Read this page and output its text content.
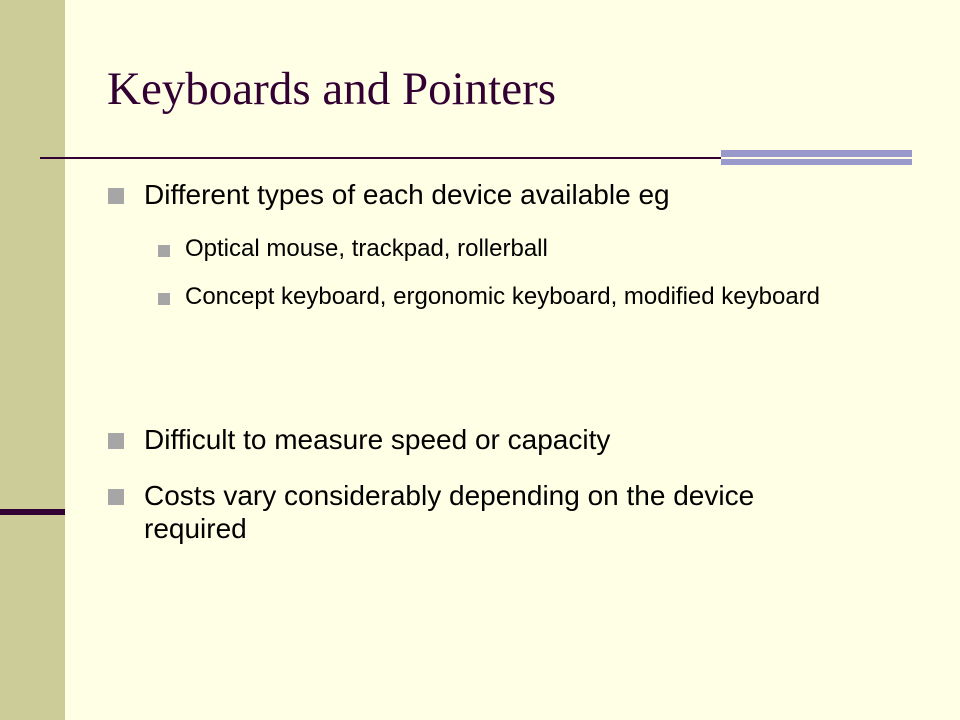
Keyboards and Pointers
Different types of each device available eg
Optical mouse, trackpad, rollerball
Concept keyboard, ergonomic keyboard, modified keyboard
Difficult to measure speed or capacity
Costs vary considerably depending on the device required
